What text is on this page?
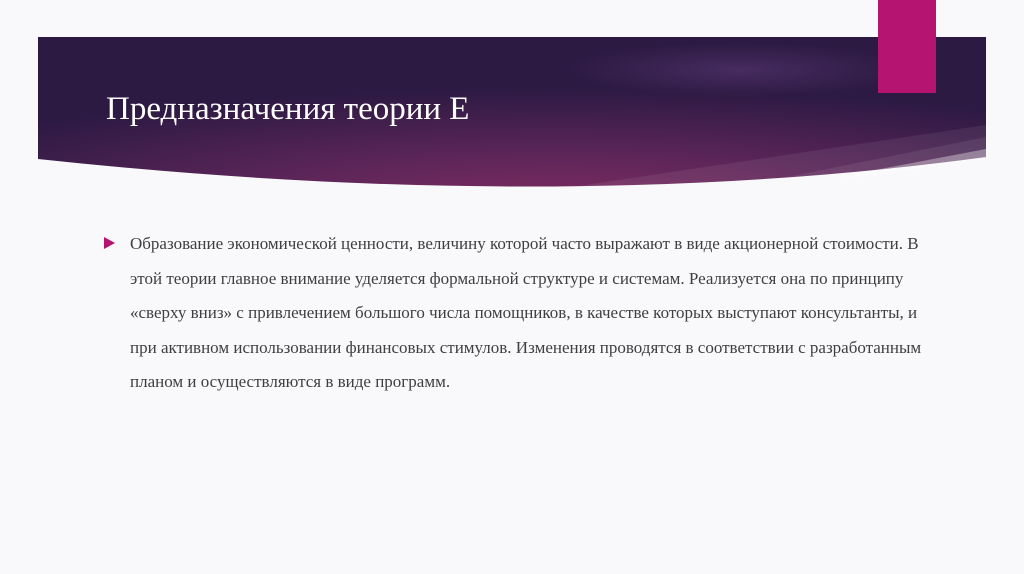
Предназначения теории Е

Образование экономической ценности, величину которой часто выражают в виде акционерной стоимости. В этой теории главное внимание уделяется формальной структуре и системам. Реализуется она по принципу «сверху вниз» с привлечением большого числа помощников, в качестве которых выступают консультанты, и при активном использовании финансовых стимулов. Изменения проводятся в соответствии с разработанным планом и осуществляются в виде программ.
